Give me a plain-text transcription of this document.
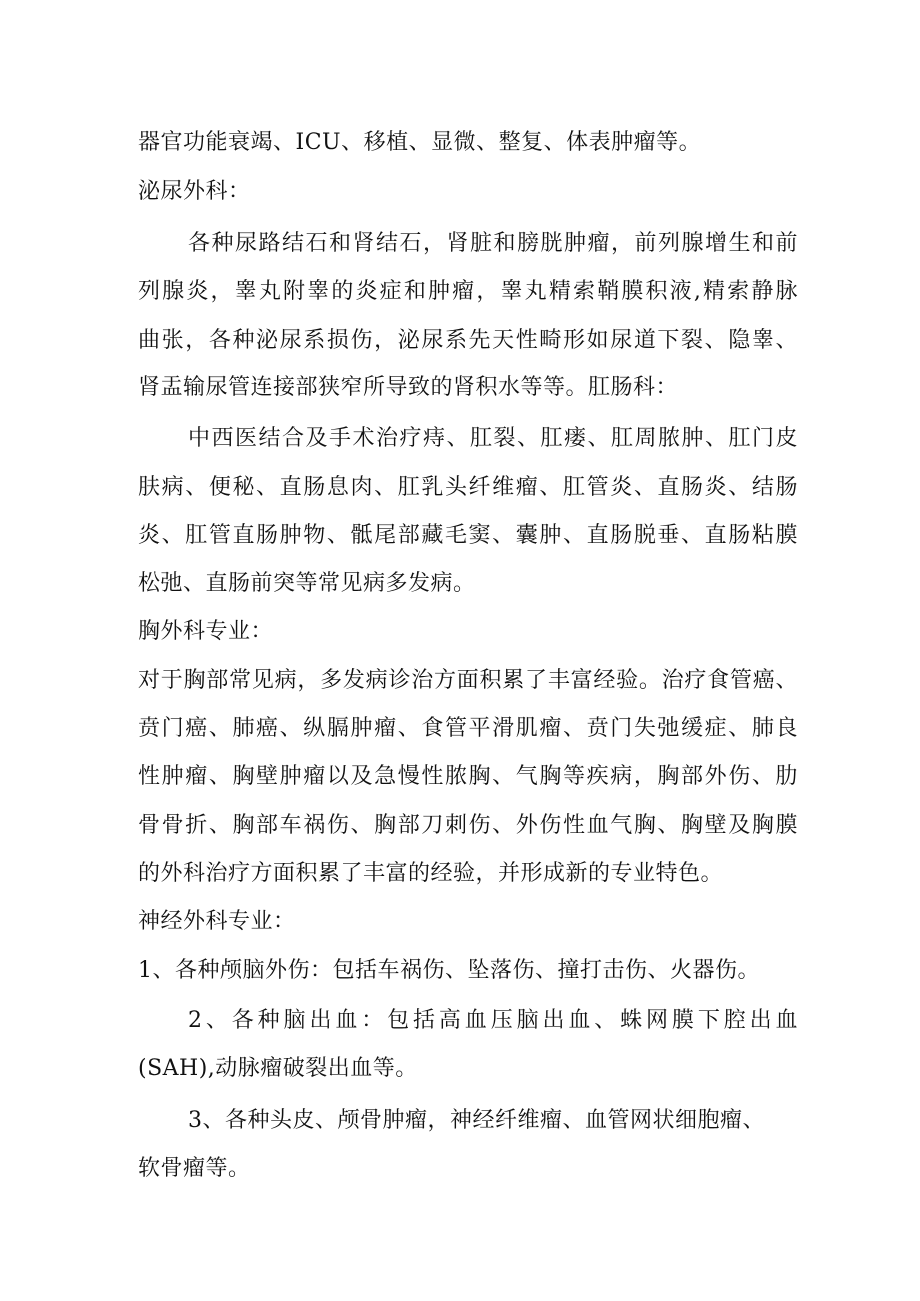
器官功能衰竭、ICU、移植、显微、整复、体表肿瘤等。
泌尿外科：
各种尿路结石和肾结石，肾脏和膀胱肿瘤，前列腺增生和前
列腺炎，睾丸附睾的炎症和肿瘤，睾丸精索鞘膜积液,精索静脉
曲张，各种泌尿系损伤，泌尿系先天性畸形如尿道下裂、隐睾、
肾盂输尿管连接部狭窄所导致的肾积水等等。肛肠科：
中西医结合及手术治疗痔、肛裂、肛瘘、肛周脓肿、肛门皮
肤病、便秘、直肠息肉、肛乳头纤维瘤、肛管炎、直肠炎、结肠
炎、肛管直肠肿物、骶尾部藏毛窦、囊肿、直肠脱垂、直肠粘膜
松弛、直肠前突等常见病多发病。
胸外科专业：
对于胸部常见病，多发病诊治方面积累了丰富经验。治疗食管癌、
贲门癌、肺癌、纵膈肿瘤、食管平滑肌瘤、贲门失弛缓症、肺良
性肿瘤、胸壁肿瘤以及急慢性脓胸、气胸等疾病，胸部外伤、肋
骨骨折、胸部车祸伤、胸部刀刺伤、外伤性血气胸、胸壁及胸膜
的外科治疗方面积累了丰富的经验，并形成新的专业特色。
神经外科专业：
1、各种颅脑外伤：包括车祸伤、坠落伤、撞打击伤、火器伤。
2、各种脑出血：包括高血压脑出血、蛛网膜下腔出血
(SAH),动脉瘤破裂出血等。
3、各种头皮、颅骨肿瘤，神经纤维瘤、血管网状细胞瘤、
软骨瘤等。
